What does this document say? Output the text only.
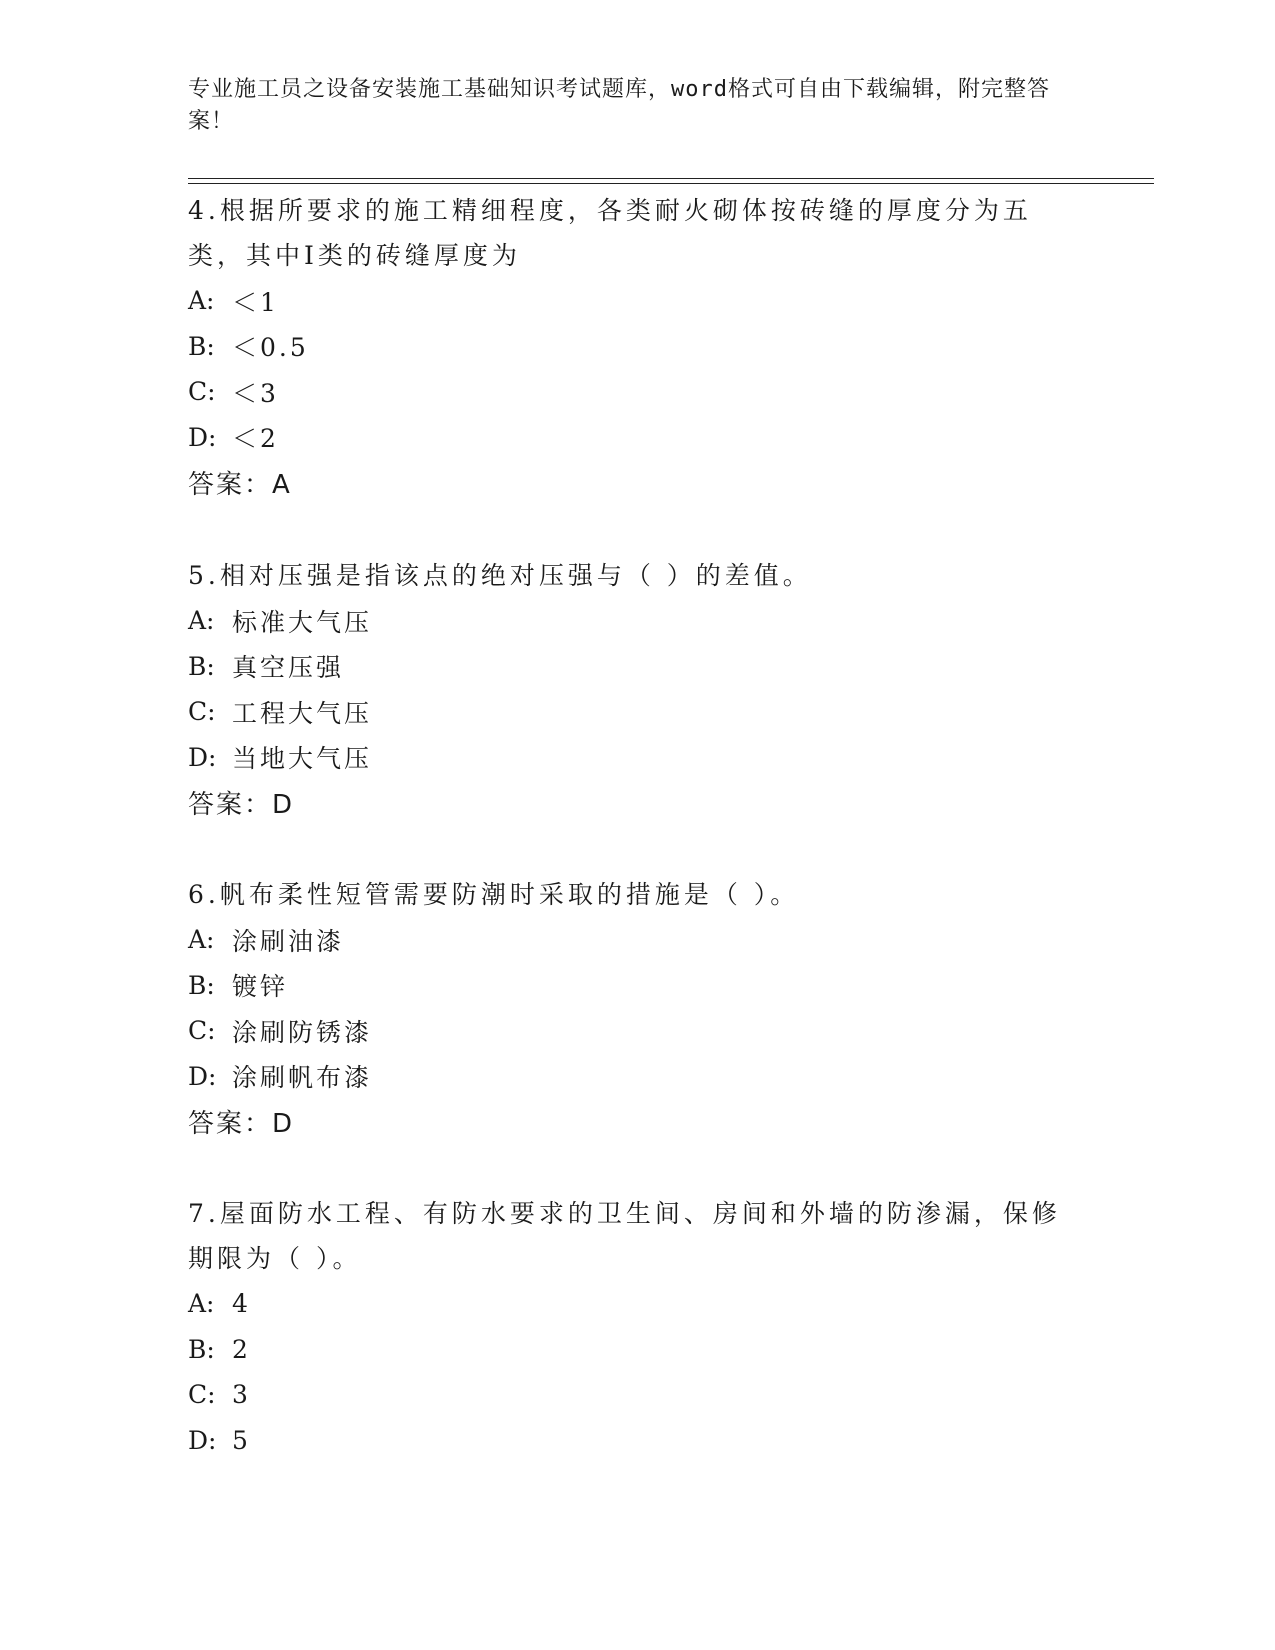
专业施工员之设备安装施工基础知识考试题库，word格式可自由下载编辑，附完整答案！

4.根据所要求的施工精细程度，各类耐火砌体按砖缝的厚度分为五类，其中Ⅰ类的砖缝厚度为

A: ＜1
B: ＜0.5
C: ＜3
D: ＜2
答案：A

5.相对压强是指该点的绝对压强与（ ）的差值。

A: 标准大气压
B: 真空压强
C: 工程大气压
D: 当地大气压
答案：D

6.帆布柔性短管需要防潮时采取的措施是（ ）。

A: 涂刷油漆
B: 镀锌
C: 涂刷防锈漆
D: 涂刷帆布漆
答案：D

7.屋面防水工程、有防水要求的卫生间、房间和外墙的防渗漏，保修期限为（ ）。

A: 4
B: 2
C: 3
D: 5
